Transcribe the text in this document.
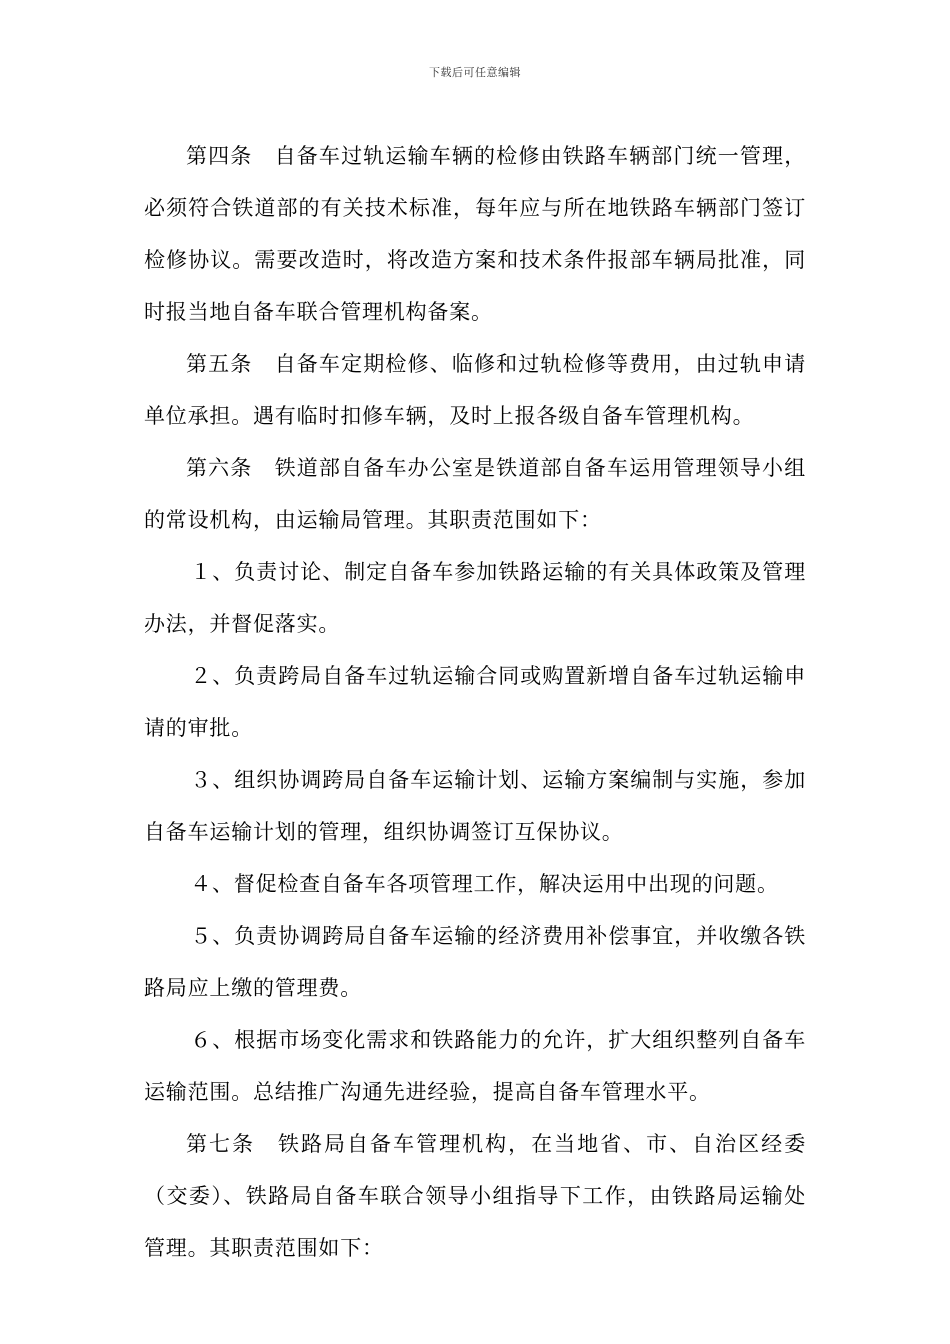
下载后可任意编辑

第四条　自备车过轨运输车辆的检修由铁路车辆部门统一管理，必须符合铁道部的有关技术标准，每年应与所在地铁路车辆部门签订检修协议。需要改造时，将改造方案和技术条件报部车辆局批准，同时报当地自备车联合管理机构备案。

第五条　自备车定期检修、临修和过轨检修等费用，由过轨申请单位承担。遇有临时扣修车辆，及时上报各级自备车管理机构。

第六条　铁道部自备车办公室是铁道部自备车运用管理领导小组的常设机构，由运输局管理。其职责范围如下：

１、负责讨论、制定自备车参加铁路运输的有关具体政策及管理办法，并督促落实。

２、负责跨局自备车过轨运输合同或购置新增自备车过轨运输申请的审批。

３、组织协调跨局自备车运输计划、运输方案编制与实施，参加自备车运输计划的管理，组织协调签订互保协议。

４、督促检查自备车各项管理工作，解决运用中出现的问题。

５、负责协调跨局自备车运输的经济费用补偿事宜，并收缴各铁路局应上缴的管理费。

６、根据市场变化需求和铁路能力的允许，扩大组织整列自备车运输范围。总结推广沟通先进经验，提高自备车管理水平。

第七条　铁路局自备车管理机构，在当地省、市、自治区经委（交委）、铁路局自备车联合领导小组指导下工作，由铁路局运输处管理。其职责范围如下：
